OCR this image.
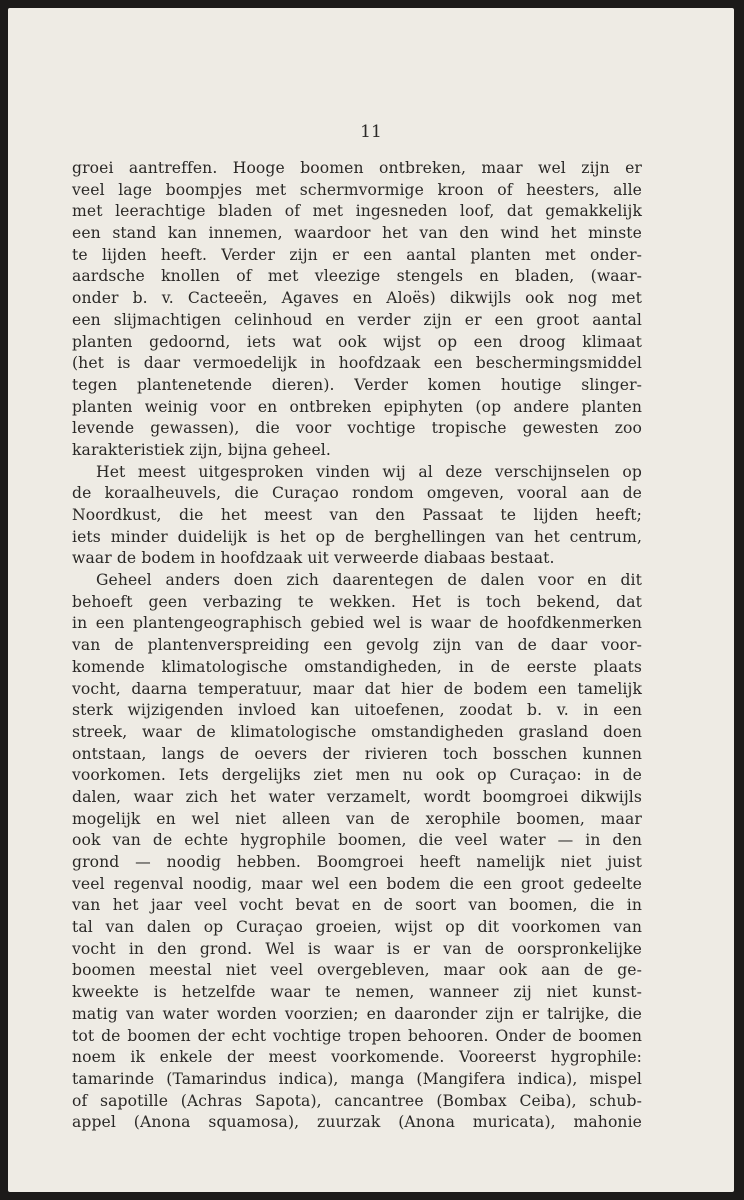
11
groei aantreffen. Hooge boomen ontbreken, maar wel zijn er
veel lage boompjes met schermvormige kroon of heesters, alle
met leerachtige bladen of met ingesneden loof, dat gemakkelijk
een stand kan innemen, waardoor het van den wind het minste
te lijden heeft. Verder zijn er een aantal planten met onder-
aardsche knollen of met vleezige stengels en bladen, (waar-
onder b. v. Cacteeën, Agaves en Aloës) dikwijls ook nog met
een slijmachtigen celinhoud en verder zijn er een groot aantal
planten gedoornd, iets wat ook wijst op een droog klimaat
(het is daar vermoedelijk in hoofdzaak een beschermingsmiddel
tegen plantenetende dieren). Verder komen houtige slinger-
planten weinig voor en ontbreken epiphyten (op andere planten
levende gewassen), die voor vochtige tropische gewesten zoo
karakteristiek zijn, bijna geheel.
Het meest uitgesproken vinden wij al deze verschijnselen op
de koraalheuvels, die Curaçao rondom omgeven, vooral aan de
Noordkust, die het meest van den Passaat te lijden heeft;
iets minder duidelijk is het op de berghellingen van het centrum,
waar de bodem in hoofdzaak uit verweerde diabaas bestaat.
Geheel anders doen zich daarentegen de dalen voor en dit
behoeft geen verbazing te wekken. Het is toch bekend, dat
in een plantengeographisch gebied wel is waar de hoofdkenmerken
van de plantenverspreiding een gevolg zijn van de daar voor-
komende klimatologische omstandigheden, in de eerste plaats
vocht, daarna temperatuur, maar dat hier de bodem een tamelijk
sterk wijzigenden invloed kan uitoefenen, zoodat b. v. in een
streek, waar de klimatologische omstandigheden grasland doen
ontstaan, langs de oevers der rivieren toch bosschen kunnen
voorkomen. Iets dergelijks ziet men nu ook op Curaçao: in de
dalen, waar zich het water verzamelt, wordt boomgroei dikwijls
mogelijk en wel niet alleen van de xerophile boomen, maar
ook van de echte hygrophile boomen, die veel water — in den
grond — noodig hebben. Boomgroei heeft namelijk niet juist
veel regenval noodig, maar wel een bodem die een groot gedeelte
van het jaar veel vocht bevat en de soort van boomen, die in
tal van dalen op Curaçao groeien, wijst op dit voorkomen van
vocht in den grond. Wel is waar is er van de oorspronkelijke
boomen meestal niet veel overgebleven, maar ook aan de ge-
kweekte is hetzelfde waar te nemen, wanneer zij niet kunst-
matig van water worden voorzien; en daaronder zijn er talrijke, die
tot de boomen der echt vochtige tropen behooren. Onder de boomen
noem ik enkele der meest voorkomende. Vooreerst hygrophile:
tamarinde (Tamarindus indica), manga (Mangifera indica), mispel
of sapotille (Achras Sapota), cancantree (Bombax Ceiba), schub-
appel (Anona squamosa), zuurzak (Anona muricata), mahonie
